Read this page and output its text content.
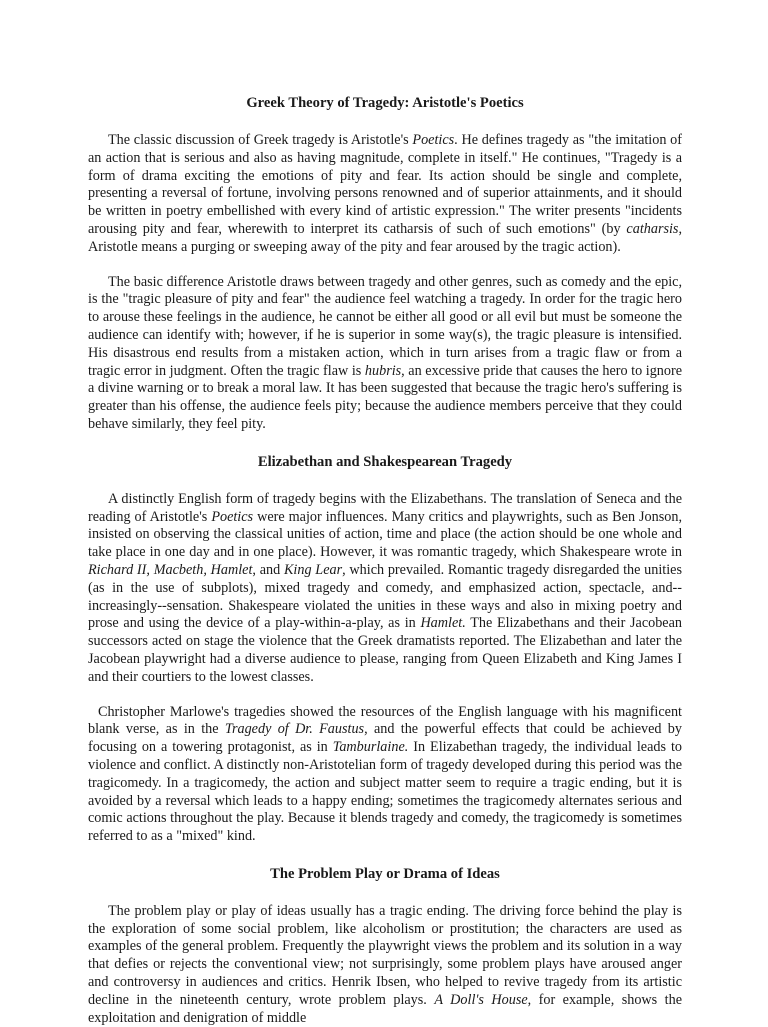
Greek Theory of Tragedy: Aristotle's Poetics

The classic discussion of Greek tragedy is Aristotle's Poetics. He defines tragedy as "the imitation of an action that is serious and also as having magnitude, complete in itself." He continues, "Tragedy is a form of drama exciting the emotions of pity and fear. Its action should be single and complete, presenting a reversal of fortune, involving persons renowned and of superior attainments, and it should be written in poetry embellished with every kind of artistic expression." The writer presents "incidents arousing pity and fear, wherewith to interpret its catharsis of such of such emotions" (by catharsis, Aristotle means a purging or sweeping away of the pity and fear aroused by the tragic action).

The basic difference Aristotle draws between tragedy and other genres, such as comedy and the epic, is the "tragic pleasure of pity and fear" the audience feel watching a tragedy. In order for the tragic hero to arouse these feelings in the audience, he cannot be either all good or all evil but must be someone the audience can identify with; however, if he is superior in some way(s), the tragic pleasure is intensified. His disastrous end results from a mistaken action, which in turn arises from a tragic flaw or from a tragic error in judgment. Often the tragic flaw is hubris, an excessive pride that causes the hero to ignore a divine warning or to break a moral law. It has been suggested that because the tragic hero's suffering is greater than his offense, the audience feels pity; because the audience members perceive that they could behave similarly, they feel pity.

Elizabethan and Shakespearean Tragedy

A distinctly English form of tragedy begins with the Elizabethans. The translation of Seneca and the reading of Aristotle's Poetics were major influences. Many critics and playwrights, such as Ben Jonson, insisted on observing the classical unities of action, time and place (the action should be one whole and take place in one day and in one place). However, it was romantic tragedy, which Shakespeare wrote in Richard II, Macbeth, Hamlet, and King Lear, which prevailed. Romantic tragedy disregarded the unities (as in the use of subplots), mixed tragedy and comedy, and emphasized action, spectacle, and--increasingly--sensation. Shakespeare violated the unities in these ways and also in mixing poetry and prose and using the device of a play-within-a-play, as in Hamlet. The Elizabethans and their Jacobean successors acted on stage the violence that the Greek dramatists reported. The Elizabethan and later the Jacobean playwright had a diverse audience to please, ranging from Queen Elizabeth and King James I and their courtiers to the lowest classes.

Christopher Marlowe's tragedies showed the resources of the English language with his magnificent blank verse, as in the Tragedy of Dr. Faustus, and the powerful effects that could be achieved by focusing on a towering protagonist, as in Tamburlaine. In Elizabethan tragedy, the individual leads to violence and conflict. A distinctly non-Aristotelian form of tragedy developed during this period was the tragicomedy. In a tragicomedy, the action and subject matter seem to require a tragic ending, but it is avoided by a reversal which leads to a happy ending; sometimes the tragicomedy alternates serious and comic actions throughout the play. Because it blends tragedy and comedy, the tragicomedy is sometimes referred to as a "mixed" kind.

The Problem Play or Drama of Ideas

The problem play or play of ideas usually has a tragic ending. The driving force behind the play is the exploration of some social problem, like alcoholism or prostitution; the characters are used as examples of the general problem. Frequently the playwright views the problem and its solution in a way that defies or rejects the conventional view; not surprisingly, some problem plays have aroused anger and controversy in audiences and critics. Henrik Ibsen, who helped to revive tragedy from its artistic decline in the nineteenth century, wrote problem plays. A Doll's House, for example, shows the exploitation and denigration of middle
